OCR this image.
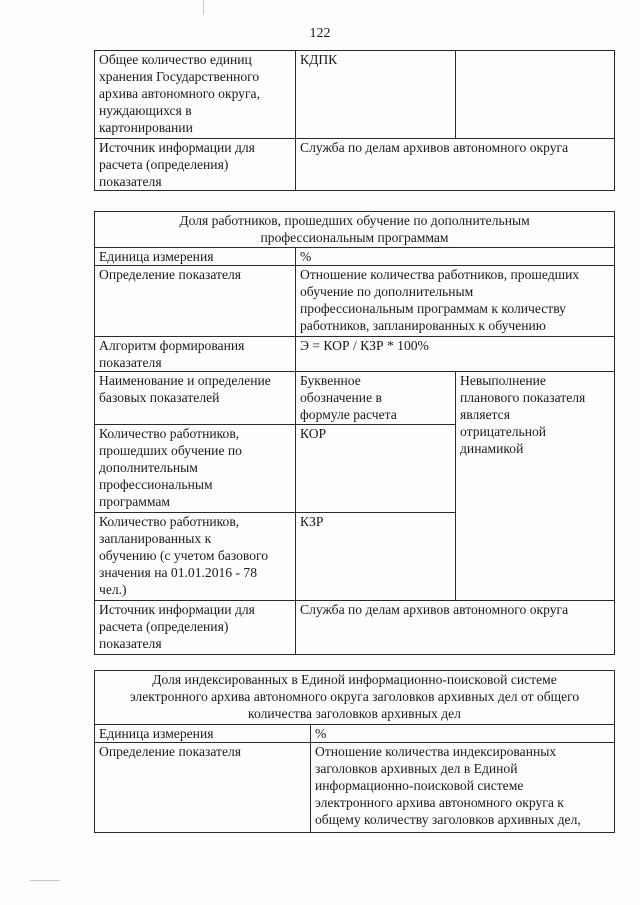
122
Общее количество единиц
хранения Государственного
архива автономного округа,
нуждающихся в
картонировании	КДПК	

Источник информации для
расчета (определения)
показателя	Служба по делам архивов автономного округа	
Доля работников, прошедших обучение по дополнительным
профессиональным программам		

Единица измерения	%	
Определение показателя	Отношение количества работников, прошедших
обучение по дополнительным
профессиональным программам к количеству
работников, запланированных к обучению	

Алгоритм формирования
показателя	Э = КОР / КЗР * 100%	

Наименование и определение
базовых показателей	Буквенное
обозначение в
формуле расчета	Невыполнение
планового показателя
является
отрицательной
динамикой

Количество работников,
прошедших обучение по
дополнительным
профессиональным
программам	КОР	

Количество работников,
запланированных к
обучению (с учетом базового
значения на 01.01.2016 - 78
чел.)	КЗР	

Источник информации для
расчета (определения)
показателя	Служба по делам архивов автономного округа	
Доля индексированных в Единой информационно-поисковой системе
электронного архива автономного округа заголовков архивных дел от общего
количества заголовков архивных дел	

Единица измерения	%
Определение показателя	Отношение количества индексированных
заголовков архивных дел в Единой
информационно-поисковой системе
электронного архива автономного округа к
общему количеству заголовков архивных дел,
